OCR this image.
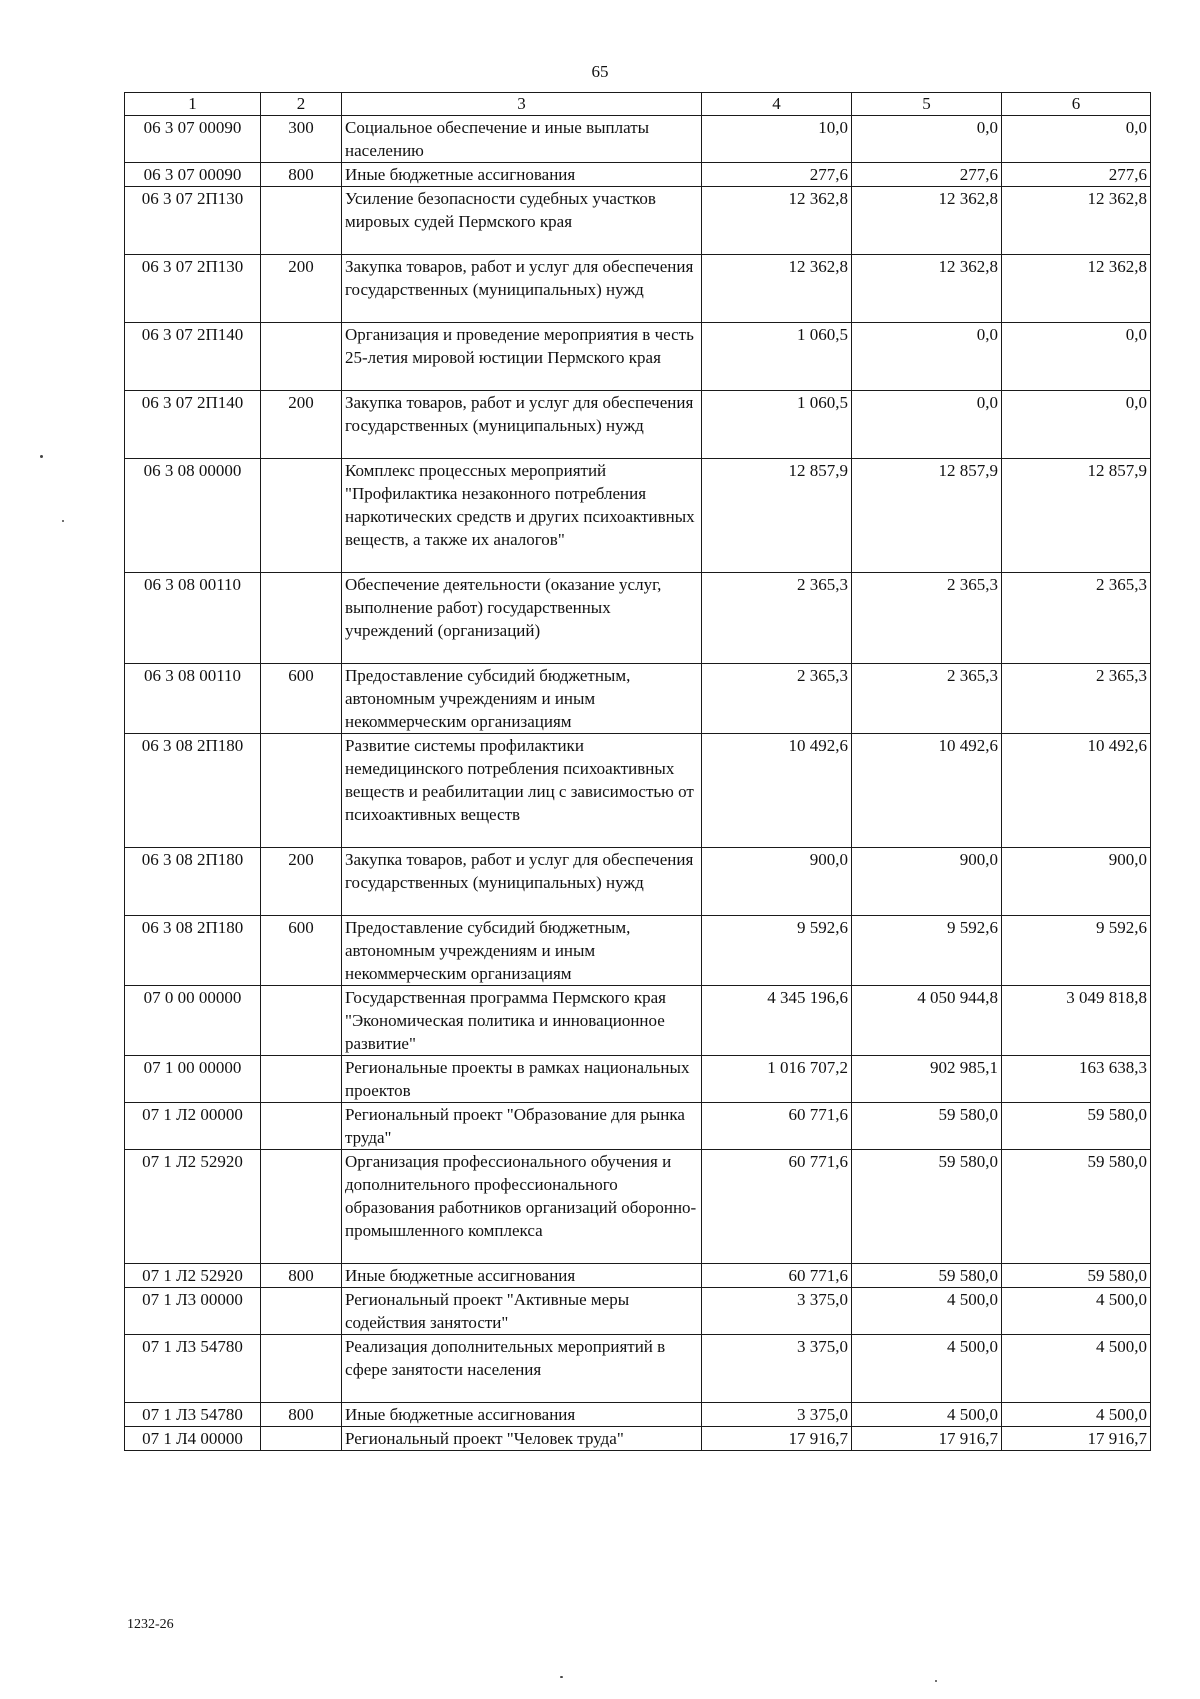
65
1	2	3	4	5	6
06 3 07 00090	300	Социальное обеспечение и иные выплаты населению	10,0	0,0	0,0
06 3 07 00090	800	Иные бюджетные ассигнования	277,6	277,6	277,6
06 3 07 2П130		Усиление безопасности судебных участков мировых судей Пермского края	12 362,8	12 362,8	12 362,8
06 3 07 2П130	200	Закупка товаров, работ и услуг для обеспечения государственных (муниципальных) нужд	12 362,8	12 362,8	12 362,8
06 3 07 2П140		Организация и проведение мероприятия в честь 25-летия мировой юстиции Пермского края	1 060,5	0,0	0,0
06 3 07 2П140	200	Закупка товаров, работ и услуг для обеспечения государственных (муниципальных) нужд	1 060,5	0,0	0,0
06 3 08 00000		Комплекс процессных мероприятий "Профилактика незаконного потребления наркотических средств и других психоактивных веществ, а также их аналогов"	12 857,9	12 857,9	12 857,9
06 3 08 00110		Обеспечение деятельности (оказание услуг, выполнение работ) государственных учреждений (организаций)	2 365,3	2 365,3	2 365,3
06 3 08 00110	600	Предоставление субсидий бюджетным, автономным учреждениям и иным некоммерческим организациям	2 365,3	2 365,3	2 365,3
06 3 08 2П180		Развитие системы профилактики немедицинского потребления психоактивных веществ и реабилитации лиц с зависимостью от психоактивных веществ	10 492,6	10 492,6	10 492,6
06 3 08 2П180	200	Закупка товаров, работ и услуг для обеспечения государственных (муниципальных) нужд	900,0	900,0	900,0
06 3 08 2П180	600	Предоставление субсидий бюджетным, автономным учреждениям и иным некоммерческим организациям	9 592,6	9 592,6	9 592,6
07 0 00 00000		Государственная программа Пермского края "Экономическая политика и инновационное развитие"	4 345 196,6	4 050 944,8	3 049 818,8
07 1 00 00000		Региональные проекты в рамках национальных проектов	1 016 707,2	902 985,1	163 638,3
07 1 Л2 00000		Региональный проект "Образование для рынка труда"	60 771,6	59 580,0	59 580,0
07 1 Л2 52920		Организация профессионального обучения и дополнительного профессионального образования работников организаций оборонно-промышленного комплекса	60 771,6	59 580,0	59 580,0
07 1 Л2 52920	800	Иные бюджетные ассигнования	60 771,6	59 580,0	59 580,0
07 1 Л3 00000		Региональный проект "Активные меры содействия занятости"	3 375,0	4 500,0	4 500,0
07 1 Л3 54780		Реализация дополнительных мероприятий в сфере занятости населения	3 375,0	4 500,0	4 500,0
07 1 Л3 54780	800	Иные бюджетные ассигнования	3 375,0	4 500,0	4 500,0
07 1 Л4 00000		Региональный проект "Человек труда"	17 916,7	17 916,7	17 916,7
1232-26
